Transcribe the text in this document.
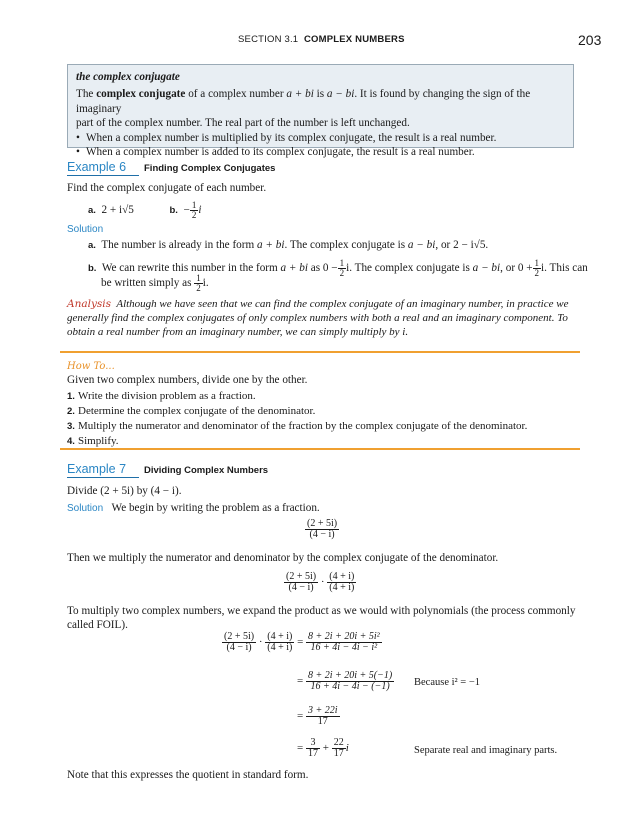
SECTION 3.1 COMPLEX NUMBERS	203
the complex conjugate

The complex conjugate of a complex number a + bi is a − bi. It is found by changing the sign of the imaginary
part of the complex number. The real part of the number is left unchanged.

• When a complex number is multiplied by its complex conjugate, the result is a real number.
• When a complex number is added to its complex conjugate, the result is a real number.
Example 6	Finding Complex Conjugates
Find the complex conjugate of each number.
a. 2 + i√5	b. − $\frac{1}{2}$ i
Solution
a. The number is already in the form a + bi. The complex conjugate is a − bi, or 2 − i√5.
b. We can rewrite this number in the form a + bi as $0 - \frac{1}{2} i$. The complex conjugate is a − bi, or $0 + \frac{1}{2} i$. This can
be written simply as $\frac{1}{2} i$.
Analysis Although we have seen that we can find the complex conjugate of an imaginary number, in practice we generally find the complex conjugates of only complex numbers with both a real and an imaginary component. To obtain a real number from an imaginary number, we can simply multiply by i.
How To...
Given two complex numbers, divide one by the other.
1. Write the division problem as a fraction.
2. Determine the complex conjugate of the denominator.
3. Multiply the numerator and denominator of the fraction by the complex conjugate of the denominator.
4. Simplify.
Example 7	Dividing Complex Numbers
Divide (2 + 5i) by (4 − i).
Solution We begin by writing the problem as a fraction.
$\frac{(2 + 5i)}{(4 - i)}$
Then we multiply the numerator and denominator by the complex conjugate of the denominator.
$\frac{(2 + 5i)}{(4 - i)} \cdot \frac{(4 + i)}{(4 + i)}$
To multiply two complex numbers, we expand the product as we would with polynomials (the process commonly
called FOIL).
$\frac{(2 + 5i)}{(4 - i)} \cdot \frac{(4 + i)}{(4 + i)} = \frac{\text{8 + 2i + 20i + 5i²}}{\text{16 + 4i − 4i − i²}}$
= $\frac{8 + 2i + 20i + 5(-1)}{16 + 4i - 4i - (-1)}$ Because i² = −1
= $\frac{3 + 22i}{17}$
= $\frac{3}{17} + \frac{22}{17}$ i	Separate real and imaginary parts.
Note that this expresses the quotient in standard form.
